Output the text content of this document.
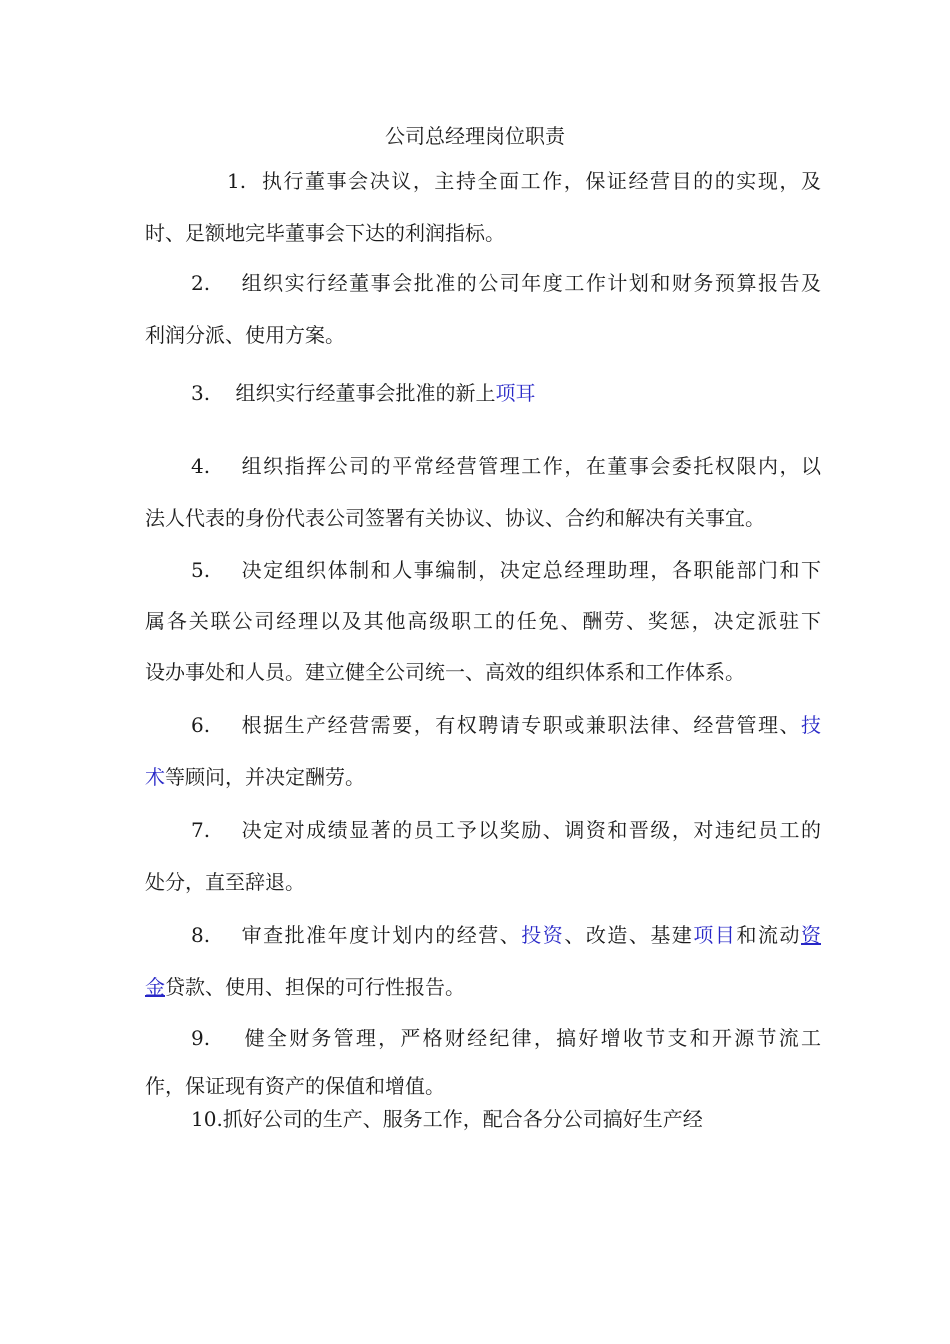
公司总经理岗位职责
1. 执行董事会决议，主持全面工作，保证经营目的的实现，及
时、足额地完毕董事会下达的利润指标。
2. 组织实行经董事会批准的公司年度工作计划和财务预算报告及
利润分派、使用方案。
3. 组织实行经董事会批准的新上项耳
4. 组织指挥公司的平常经营管理工作，在董事会委托权限内，以
法人代表的身份代表公司签署有关协议、协议、合约和解决有关事宜。
5. 决定组织体制和人事编制，决定总经理助理，各职能部门和下
属各关联公司经理以及其他高级职工的任免、酬劳、奖惩，决定派驻下
设办事处和人员。建立健全公司统一、高效的组织体系和工作体系。
6. 根据生产经营需要，有权聘请专职或兼职法律、经营管理、技
术等顾问，并决定酬劳。
7. 决定对成绩显著的员工予以奖励、调资和晋级，对违纪员工的
处分，直至辞退。
8. 审查批准年度计划内的经营、投资、改造、基建项目和流动资
金贷款、使用、担保的可行性报告。
9. 健全财务管理，严格财经纪律，搞好增收节支和开源节流工
作，保证现有资产的保值和增值。
10.抓好公司的生产、服务工作，配合各分公司搞好生产经
